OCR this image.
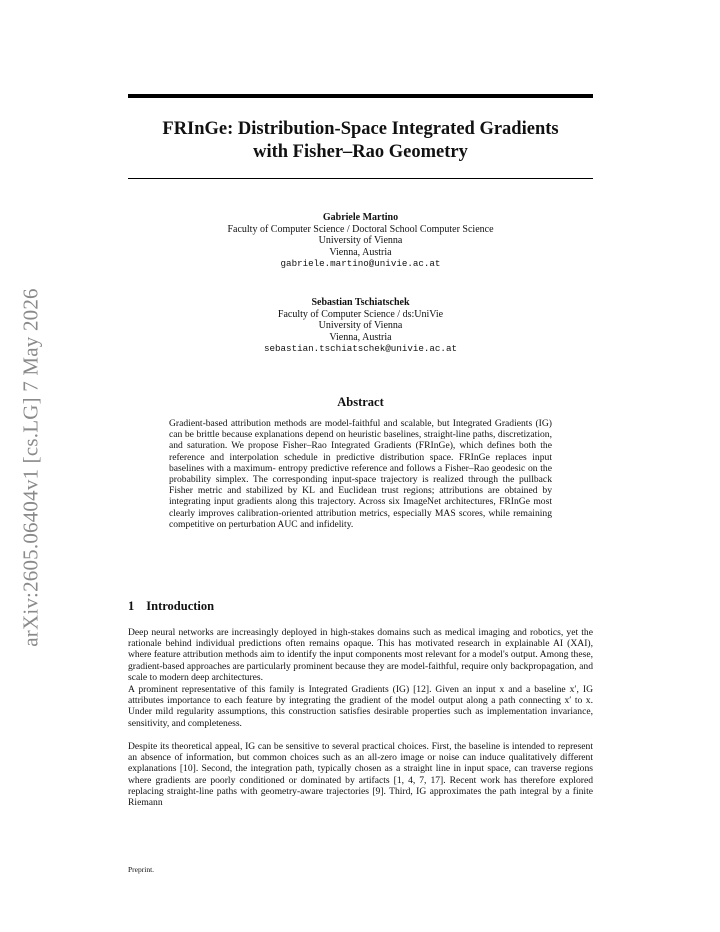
arXiv:2605.06404v1 [cs.LG] 7 May 2026
FRInGe: Distribution-Space Integrated Gradients
with Fisher–Rao Geometry
Gabriele Martino
Faculty of Computer Science / Doctoral School Computer Science
University of Vienna
Vienna, Austria
gabriele.martino@univie.ac.at
Sebastian Tschiatschek
Faculty of Computer Science / ds:UniVie
University of Vienna
Vienna, Austria
sebastian.tschiatschek@univie.ac.at
Abstract
Gradient-based attribution methods are model-faithful and scalable, but Integrated Gradients (IG) can be brittle because explanations depend on heuristic baselines, straight-line paths, discretization, and saturation. We propose Fisher–Rao Integrated Gradients (FRInGe), which defines both the reference and interpolation schedule in predictive distribution space. FRInGe replaces input baselines with a maximum- entropy predictive reference and follows a Fisher–Rao geodesic on the probability simplex. The corresponding input-space trajectory is realized through the pullback Fisher metric and stabilized by KL and Euclidean trust regions; attributions are obtained by integrating input gradients along this trajectory. Across six ImageNet architectures, FRInGe most clearly improves calibration-oriented attribution metrics, especially MAS scores, while remaining competitive on perturbation AUC and infidelity.
1 Introduction
Deep neural networks are increasingly deployed in high-stakes domains such as medical imaging and robotics, yet the rationale behind individual predictions often remains opaque. This has motivated research in explainable AI (XAI), where feature attribution methods aim to identify the input components most relevant for a model's output. Among these, gradient-based approaches are particularly prominent because they are model-faithful, require only backpropagation, and scale to modern deep architectures.
A prominent representative of this family is Integrated Gradients (IG) [12]. Given an input x and a baseline x′, IG attributes importance to each feature by integrating the gradient of the model output along a path connecting x′ to x. Under mild regularity assumptions, this construction satisfies desirable properties such as implementation invariance, sensitivity, and completeness.
Despite its theoretical appeal, IG can be sensitive to several practical choices. First, the baseline is intended to represent an absence of information, but common choices such as an all-zero image or noise can induce qualitatively different explanations [10]. Second, the integration path, typically chosen as a straight line in input space, can traverse regions where gradients are poorly conditioned or dominated by artifacts [1, 4, 7, 17]. Recent work has therefore explored replacing straight-line paths with geometry-aware trajectories [9]. Third, IG approximates the path integral by a finite Riemann
Preprint.
